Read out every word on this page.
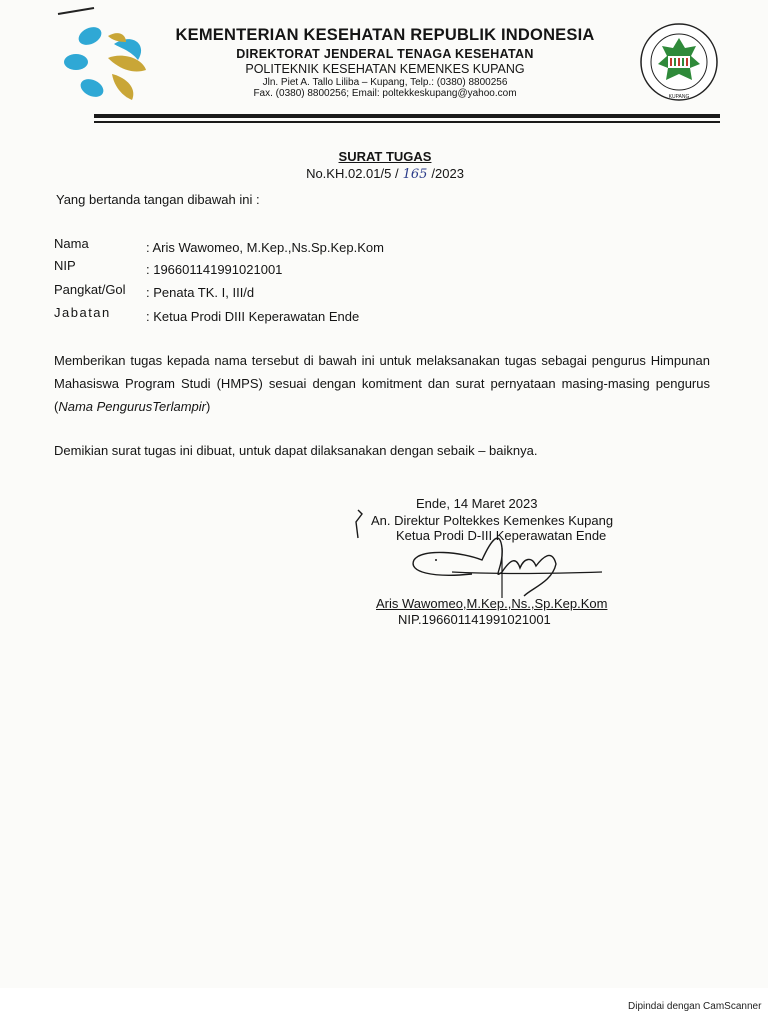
KEMENTERIAN KESEHATAN REPUBLIK INDONESIA
DIREKTORAT JENDERAL TENAGA KESEHATAN
POLITEKNIK KESEHATAN KEMENKES KUPANG
Jln. Piet A. Tallo Liliba – Kupang, Telp.: (0380) 8800256
Fax. (0380) 8800256; Email: poltekkeskupang@yahoo.com	KUPANG
SURAT TUGAS
No.KH.02.01/5 / 165 /2023
Yang bertanda tangan dibawah ini :
Nama	: Aris Wawomeo, M.Kep.,Ns.Sp.Kep.Kom
NIP	: 196601141991021001
Pangkat/Gol : Penata TK. I, III/d
Jabatan	: Ketua Prodi DIII Keperawatan Ende
Memberikan tugas kepada nama tersebut di bawah ini untuk melaksanakan tugas sebagai pengurus Himpunan Mahasiswa Program Studi (HMPS) sesuai dengan komitment dan surat pernyataan masing-masing pengurus (Nama PengurusTerlampir)
Demikian surat tugas ini dibuat, untuk dapat dilaksanakan dengan sebaik – baiknya.
Ende, 14 Maret 2023
An. Direktur Poltekkes Kemenkes Kupang
Ketua Prodi D-III Keperawatan Ende
Aris Wawomeo,M.Kep.,Ns.,Sp.Kep.Kom
NIP.196601141991021001
Dipindai dengan CamScanner
